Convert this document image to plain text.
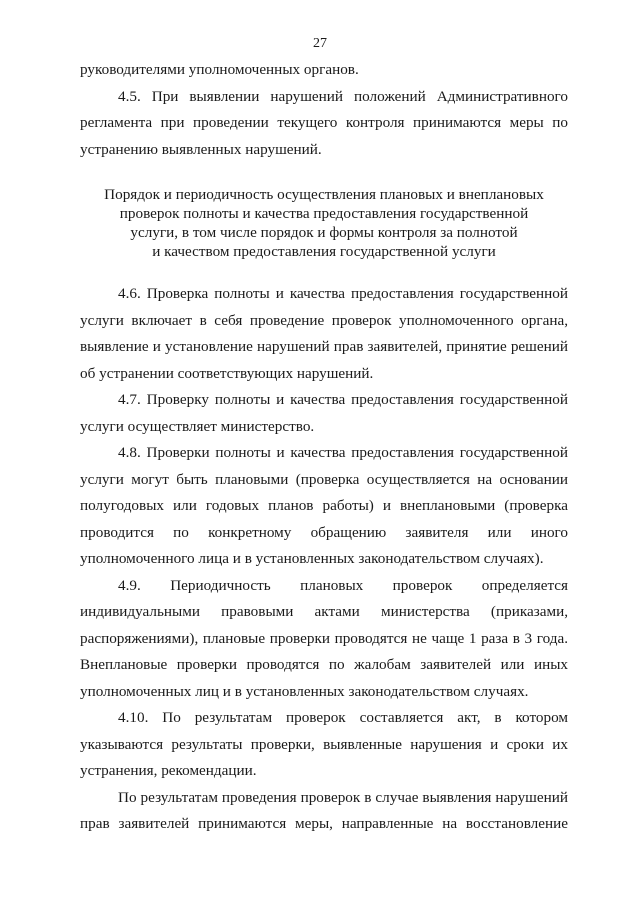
27

руководителями уполномоченных органов.

4.5. При выявлении нарушений положений Административного регламента при проведении текущего контроля принимаются меры по устранению выявленных нарушений.

Порядок и периодичность осуществления плановых и внеплановых
проверок полноты и качества предоставления государственной
услуги, в том числе порядок и формы контроля за полнотой
и качеством предоставления государственной услуги

4.6. Проверка полноты и качества предоставления государственной услуги включает в себя проведение проверок уполномоченного органа, выявление и установление нарушений прав заявителей, принятие решений об устранении соответствующих нарушений.

4.7. Проверку полноты и качества предоставления государственной услуги осуществляет министерство.

4.8. Проверки полноты и качества предоставления государственной услуги могут быть плановыми (проверка осуществляется на основании полугодовых или годовых планов работы) и внеплановыми (проверка проводится по конкретному обращению заявителя или иного уполномоченного лица и в установленных законодательством случаях).

4.9. Периодичность плановых проверок определяется индивидуальными правовыми актами министерства (приказами, распоряжениями), плановые проверки проводятся не чаще 1 раза в 3 года. Внеплановые проверки проводятся по жалобам заявителей или иных уполномоченных лиц и в установленных законодательством случаях.

4.10. По результатам проверок составляется акт, в котором указываются результаты проверки, выявленные нарушения и сроки их устранения, рекомендации.

По результатам проведения проверок в случае выявления нарушений прав заявителей принимаются меры, направленные на восстановление
